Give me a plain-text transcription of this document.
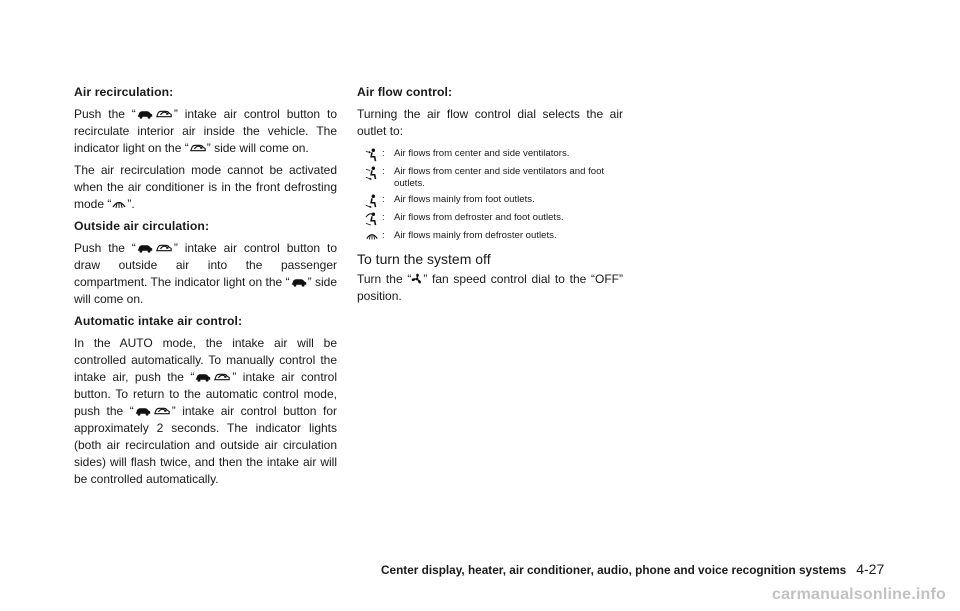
Air recirculation:

Push the “	” intake air control button to recirculate interior air inside the vehicle. The indicator light on the “ ” side will come on.

The air recirculation mode cannot be activated when the air conditioner is in the front defrosting mode “ ”.

Outside air circulation:

Push the “	” intake air control button to draw outside air into the passenger compartment. The indicator light on the “ ” side will come on.

Automatic intake air control:

In the AUTO mode, the intake air will be controlled automatically. To manually control the intake air, push the “	” intake air control button. To return to the automatic control mode, push the “	” intake air control button for approximately 2 seconds. The indicator lights (both air recirculation and outside air circulation sides) will flash twice, and then the intake air will be controlled automatically.

Air flow control:

Turning the air flow control dial selects the air outlet to:

: Air flows from center and side ventilators.
: Air flows from center and side ventilators and foot outlets.
: Air flows mainly from foot outlets.
: Air flows from defroster and foot outlets.
: Air flows mainly from defroster outlets.
To turn the system off

Turn the “ ” fan speed control dial to the “OFF” position.

Center display, heater, air conditioner, audio, phone and voice recognition systems 4-27
carmanualsonline.info
